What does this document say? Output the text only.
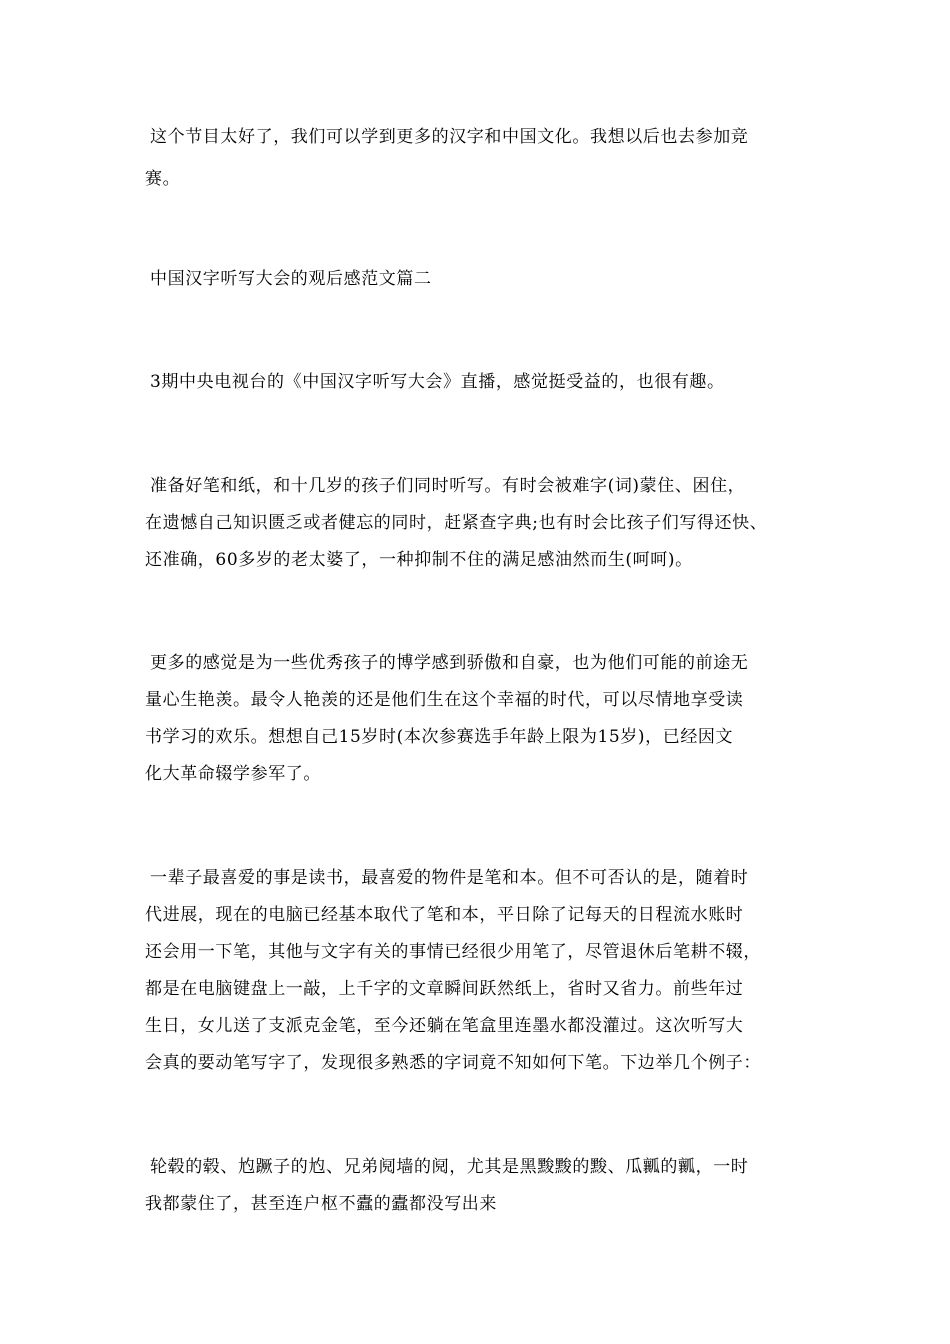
这个节目太好了，我们可以学到更多的汉字和中国文化。我想以后也去参加竞
赛。
中国汉字听写大会的观后感范文篇二
3期中央电视台的《中国汉字听写大会》直播，感觉挺受益的，也很有趣。
准备好笔和纸，和十几岁的孩子们同时听写。有时会被难字(词)蒙住、困住，
在遗憾自己知识匮乏或者健忘的同时，赶紧查字典;也有时会比孩子们写得还快、
还准确，60多岁的老太婆了，一种抑制不住的满足感油然而生(呵呵)。
更多的感觉是为一些优秀孩子的博学感到骄傲和自豪，也为他们可能的前途无
量心生艳羡。最令人艳羡的还是他们生在这个幸福的时代，可以尽情地享受读
书学习的欢乐。想想自己15岁时(本次参赛选手年龄上限为15岁)，已经因文
化大革命辍学参军了。
一辈子最喜爱的事是读书，最喜爱的物件是笔和本。但不可否认的是，随着时
代进展，现在的电脑已经基本取代了笔和本，平日除了记每天的日程流水账时
还会用一下笔，其他与文字有关的事情已经很少用笔了，尽管退休后笔耕不辍，
都是在电脑键盘上一敲，上千字的文章瞬间跃然纸上，省时又省力。前些年过
生日，女儿送了支派克金笔，至今还躺在笔盒里连墨水都没灌过。这次听写大
会真的要动笔写字了，发现很多熟悉的字词竟不知如何下笔。下边举几个例子：
轮毂的毂、尥蹶子的尥、兄弟阋墙的阋，尤其是黑黢黢的黢、瓜瓤的瓤，一时
我都蒙住了，甚至连户枢不蠹的蠹都没写出来
